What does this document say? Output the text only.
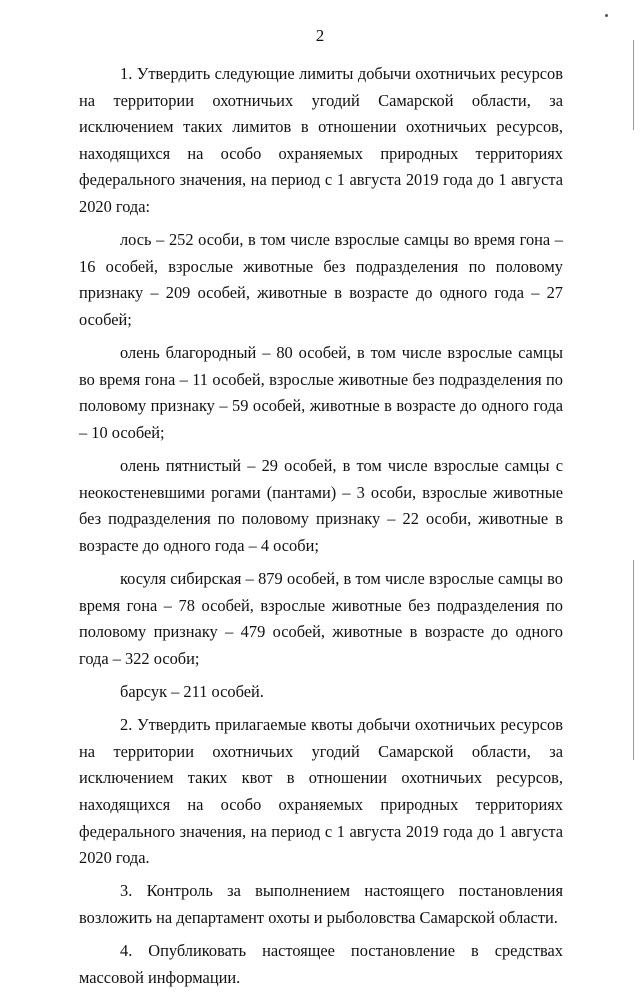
2

1. Утвердить следующие лимиты добычи охотничьих ресурсов на территории охотничьих угодий Самарской области, за исключением таких лимитов в отношении охотничьих ресурсов, находящихся на особо охраняемых природных территориях федерального значения, на период с 1 августа 2019 года до 1 августа 2020 года:

лось – 252 особи, в том числе взрослые самцы во время гона – 16 особей, взрослые животные без подразделения по половому признаку – 209 особей, животные в возрасте до одного года – 27 особей;

олень благородный – 80 особей, в том числе взрослые самцы во время гона – 11 особей, взрослые животные без подразделения по половому признаку – 59 особей, животные в возрасте до одного года – 10 особей;

олень пятнистый – 29 особей, в том числе взрослые самцы с неокостеневшими рогами (пантами) – 3 особи, взрослые животные без подразделения по половому признаку – 22 особи, животные в возрасте до одного года – 4 особи;

косуля сибирская – 879 особей, в том числе взрослые самцы во время гона – 78 особей, взрослые животные без подразделения по половому признаку – 479 особей, животные в возрасте до одного года – 322 особи;

барсук – 211 особей.

2. Утвердить прилагаемые квоты добычи охотничьих ресурсов на территории охотничьих угодий Самарской области, за исключением таких квот в отношении охотничьих ресурсов, находящихся на особо охраняемых природных территориях федерального значения, на период с 1 августа 2019 года до 1 августа 2020 года.

3. Контроль за выполнением настоящего постановления возложить на департамент охоты и рыболовства Самарской области.

4. Опубликовать настоящее постановление в средствах массовой информации.
